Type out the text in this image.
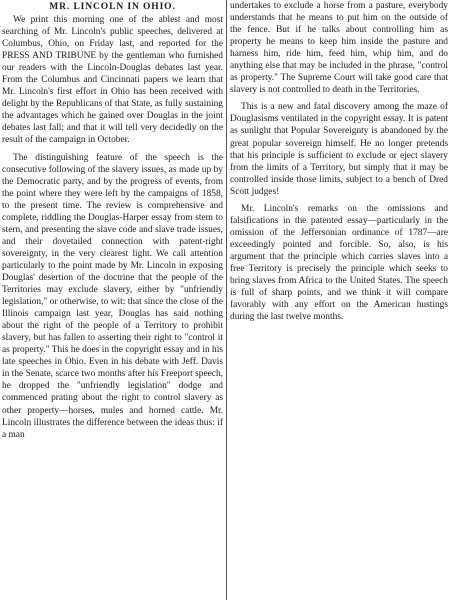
MR. LINCOLN IN OHIO.

We print this morning one of the ablest and most searching of Mr. Lincoln's public speeches, delivered at Columbus, Ohio, on Friday last, and reported for the PRESS AND TRIBUNE by the gentleman who furnished our readers with the Lincoln-Douglas debates last year. From the Columbus and Cincinnati papers we learn that Mr. Lincoln's first effort in Ohio has been received with delight by the Republicans of that State, as fully sustaining the advantages which he gained over Douglas in the joint debates last fall; and that it will tell very decidedly on the result of the campaign in October.

The distinguishing feature of the speech is the consecutive following of the slavery issues, as made up by the Democratic party, and by the progress of events, from the point where they were left by the campaigns of 1858, to the present time. The review is comprehensive and complete, riddling the Douglas-Harper essay from stem to stern, and presenting the slave code and slave trade issues, and their dovetailed connection with patent-right sovereignty, in the very clearest light. We call attention particularly to the point made by Mr. Lincoln in exposing Douglas' desertion of the doctrine that the people of the Territories may exclude slavery, either by "unfriendly legislation," or otherwise, to wit: that since the close of the Illinois campaign last year, Douglas has said nothing about the right of the people of a Territory to prohibit slavery, but has fallen to asserting their right to "control it as property." This he does in the copyright essay and in his late speeches in Ohio. Even in his debate with Jeff. Davis in the Senate, scarce two months after his Freeport speech, he dropped the "unfriendly legislation" dodge and commenced prating about the right to control slavery as other property—horses, mules and horned cattle. Mr. Lincoln illustrates the difference between the ideas thus: if a man

undertakes to exclude a horse from a pasture, everybody understands that he means to put him on the outside of the fence. But if he talks about controlling him as property he means to keep him inside the pasture and harness him, ride him, feed him, whip him, and do anything else that may be included in the phrase, "control as property." The Supreme Court will take good care that slavery is not controlled to death in the Territories.

This is a new and fatal discovery among the maze of Douglasisms ventilated in the copyright essay. It is patent as sunlight that Popular Sovereignty is abandoned by the great popular sovereign himself. He no longer pretends that his principle is sufficient to exclude or eject slavery from the limits of a Territory, but simply that it may be controlled inside those limits, subject to a bench of Dred Scott judges!

Mr. Lincoln's remarks on the omissions and falsifications in the patented essay—particularly in the omission of the Jeffersonian ordinance of 1787—are exceedingly pointed and forcible. So, also, is his argument that the principle which carries slaves into a free Territory is precisely the principle which seeks to bring slaves from Africa to the United States. The speech is full of sharp points, and we think it will compare favorably with any effort on the American hustings during the last twelve months.
